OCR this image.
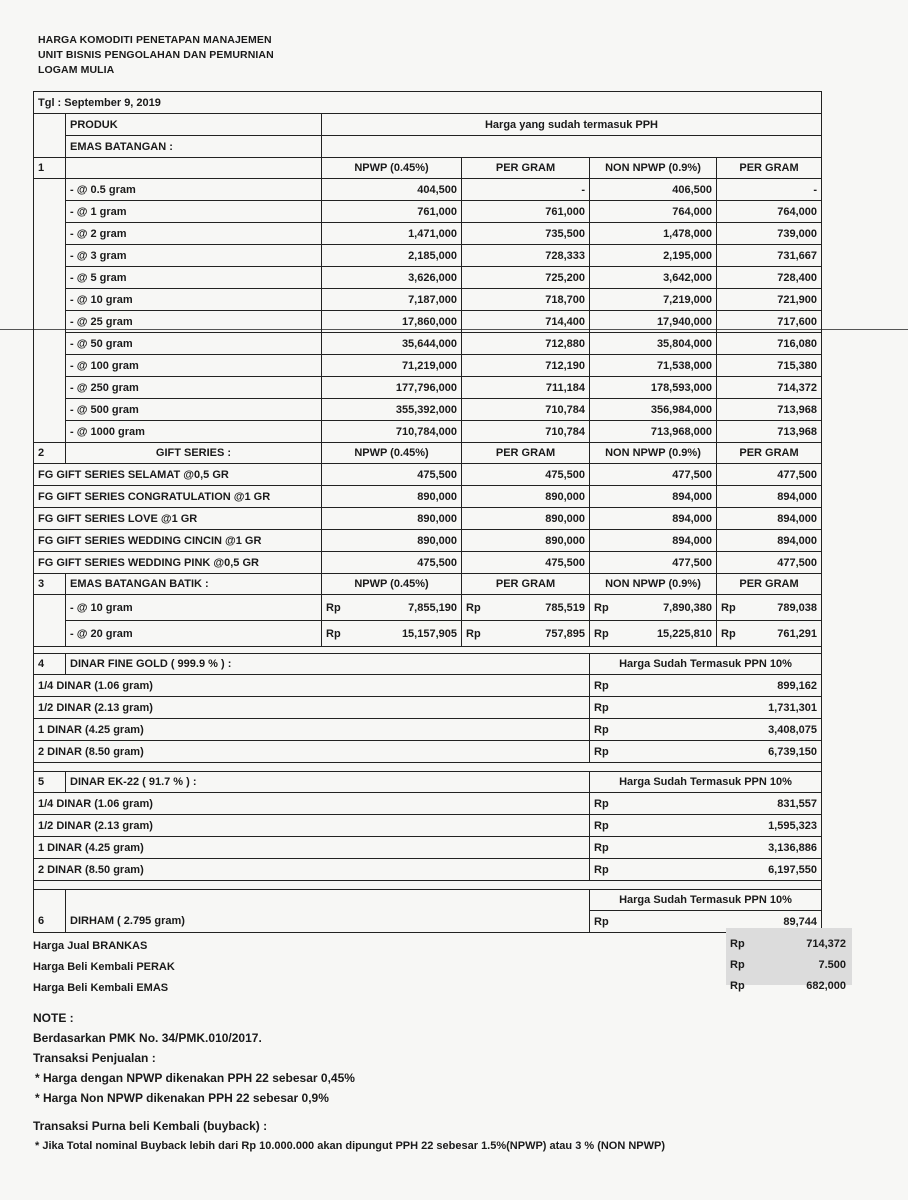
HARGA KOMODITI PENETAPAN MANAJEMEN
UNIT BISNIS PENGOLAHAN DAN PEMURNIAN
LOGAM MULIA
Tgl : September 9, 2019					
	PRODUK	Harga yang sudah termasuk PPH			
	EMAS BATANGAN :				
1		NPWP (0.45%)	PER GRAM	NON NPWP (0.9%)	PER GRAM
	- @ 0.5 gram	404,500	-	406,500	-
	- @ 1 gram	761,000	761,000	764,000	764,000
	- @ 2 gram	1,471,000	735,500	1,478,000	739,000
	- @ 3 gram	2,185,000	728,333	2,195,000	731,667
	- @ 5 gram	3,626,000	725,200	3,642,000	728,400
	- @ 10 gram	7,187,000	718,700	7,219,000	721,900
	- @ 25 gram	17,860,000	714,400	17,940,000	717,600
	- @ 50 gram	35,644,000	712,880	35,804,000	716,080
	- @ 100 gram	71,219,000	712,190	71,538,000	715,380
	- @ 250 gram	177,796,000	711,184	178,593,000	714,372
	- @ 500 gram	355,392,000	710,784	356,984,000	713,968
	- @ 1000 gram	710,784,000	710,784	713,968,000	713,968
2	GIFT SERIES :	NPWP (0.45%)	PER GRAM	NON NPWP (0.9%)	PER GRAM
FG GIFT SERIES SELAMAT @0,5 GR		475,500	475,500	477,500	477,500
FG GIFT SERIES CONGRATULATION @1 GR		890,000	890,000	894,000	894,000
FG GIFT SERIES LOVE @1 GR		890,000	890,000	894,000	894,000
FG GIFT SERIES WEDDING CINCIN @1 GR		890,000	890,000	894,000	894,000
FG GIFT SERIES WEDDING PINK @0,5 GR		475,500	475,500	477,500	477,500
3	EMAS BATANGAN BATIK :	NPWP (0.45%)	PER GRAM	NON NPWP (0.9%)	PER GRAM
	- @ 10 gram	Rp 7,855,190	Rp 785,519	Rp 7,890,380	Rp 789,038

	- @ 20 gram	Rp 15,157,905	Rp 757,895	Rp 15,225,810	Rp 761,291

4	DINAR FINE GOLD ( 999.9 % ) :			Harga Sudah Termasuk PPN 10%	
1/4 DINAR (1.06 gram)				Rp 899,162	

1/2 DINAR (2.13 gram)				Rp 1,731,301	

1 DINAR (4.25 gram)				Rp 3,408,075	

2 DINAR (8.50 gram)				Rp 6,739,150	

5	DINAR EK-22 ( 91.7 % ) :			Harga Sudah Termasuk PPN 10%	
1/4 DINAR (1.06 gram)				Rp 831,557	

1/2 DINAR (2.13 gram)				Rp 1,595,323	

1 DINAR (4.25 gram)				Rp 3,136,886	

2 DINAR (8.50 gram)				Rp 6,197,550	

				Harga Sudah Termasuk PPN 10%	
6	DIRHAM ( 2.795 gram)			Rp 89,744	
Harga Jual BRANKAS	Rp	714,372
Harga Beli Kembali PERAK	Rp	7.500
Harga Beli Kembali EMAS	Rp	682,000
NOTE :
Berdasarkan PMK No. 34/PMK.010/2017.
Transaksi Penjualan :
* Harga dengan NPWP dikenakan PPH 22 sebesar 0,45%
* Harga Non NPWP dikenakan PPH 22 sebesar 0,9%
Transaksi Purna beli Kembali (buyback) :
* Jika Total nominal Buyback lebih dari Rp 10.000.000 akan dipungut PPH 22 sebesar 1.5%(NPWP) atau 3 % (NON NPWP)
